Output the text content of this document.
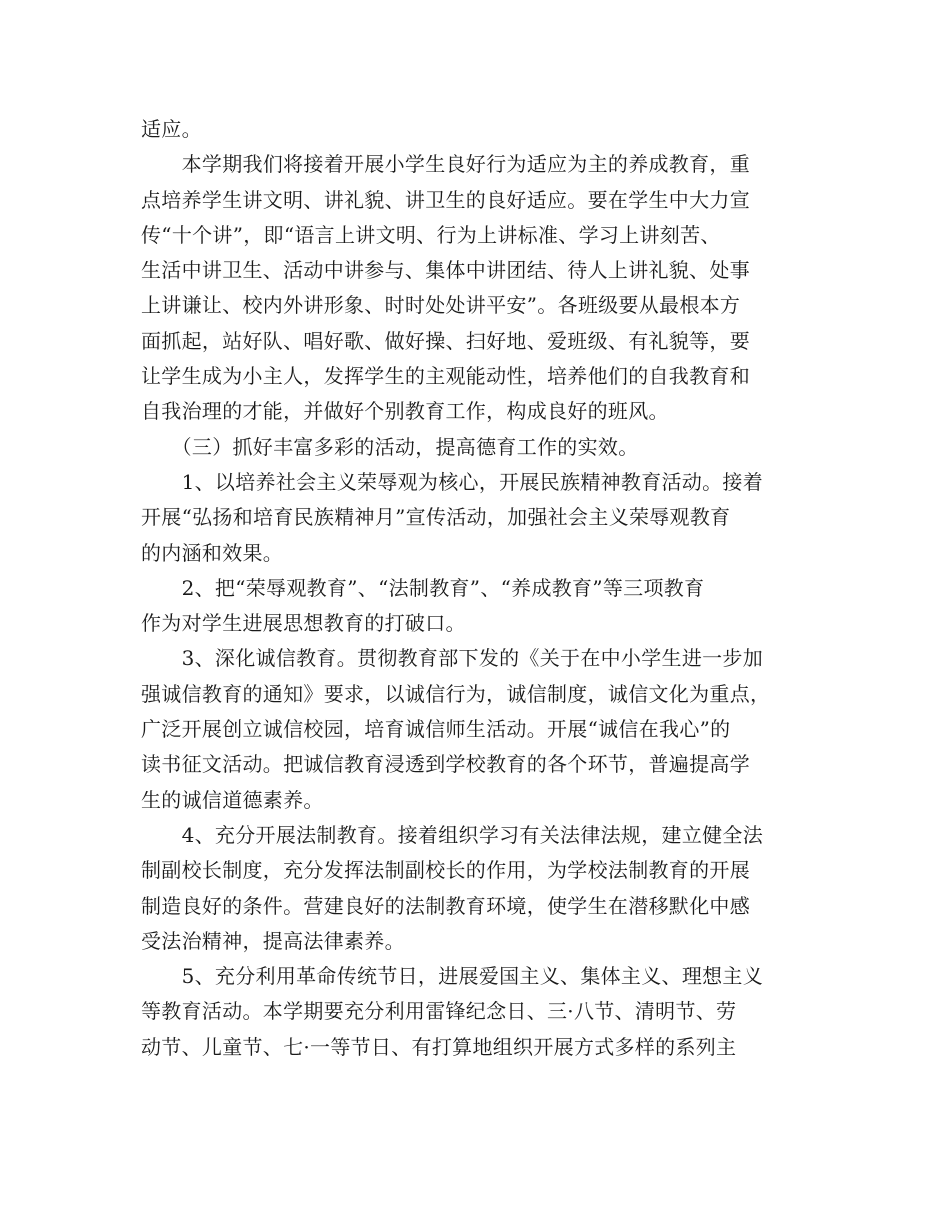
适应。
　　本学期我们将接着开展小学生良好行为适应为主的养成教育，重
点培养学生讲文明、讲礼貌、讲卫生的良好适应。要在学生中大力宣
传“十个讲”，即“语言上讲文明、行为上讲标准、学习上讲刻苦、
生活中讲卫生、活动中讲参与、集体中讲团结、待人上讲礼貌、处事
上讲谦让、校内外讲形象、时时处处讲平安”。各班级要从最根本方
面抓起，站好队、唱好歌、做好操、扫好地、爱班级、有礼貌等，要
让学生成为小主人，发挥学生的主观能动性，培养他们的自我教育和
自我治理的才能，并做好个别教育工作，构成良好的班风。
　　（三）抓好丰富多彩的活动，提高德育工作的实效。
　　1、以培养社会主义荣辱观为核心，开展民族精神教育活动。接着
开展“弘扬和培育民族精神月”宣传活动，加强社会主义荣辱观教育
的内涵和效果。
　　2、把“荣辱观教育”、“法制教育”、“养成教育”等三项教育
作为对学生进展思想教育的打破口。
　　3、深化诚信教育。贯彻教育部下发的《关于在中小学生进一步加
强诚信教育的通知》要求，以诚信行为，诚信制度，诚信文化为重点，
广泛开展创立诚信校园，培育诚信师生活动。开展“诚信在我心”的
读书征文活动。把诚信教育浸透到学校教育的各个环节，普遍提高学
生的诚信道德素养。
　　4、充分开展法制教育。接着组织学习有关法律法规，建立健全法
制副校长制度，充分发挥法制副校长的作用，为学校法制教育的开展
制造良好的条件。营建良好的法制教育环境，使学生在潜移默化中感
受法治精神，提高法律素养。
　　5、充分利用革命传统节日，进展爱国主义、集体主义、理想主义
等教育活动。本学期要充分利用雷锋纪念日、三·八节、清明节、劳
动节、儿童节、七·一等节日、有打算地组织开展方式多样的系列主
